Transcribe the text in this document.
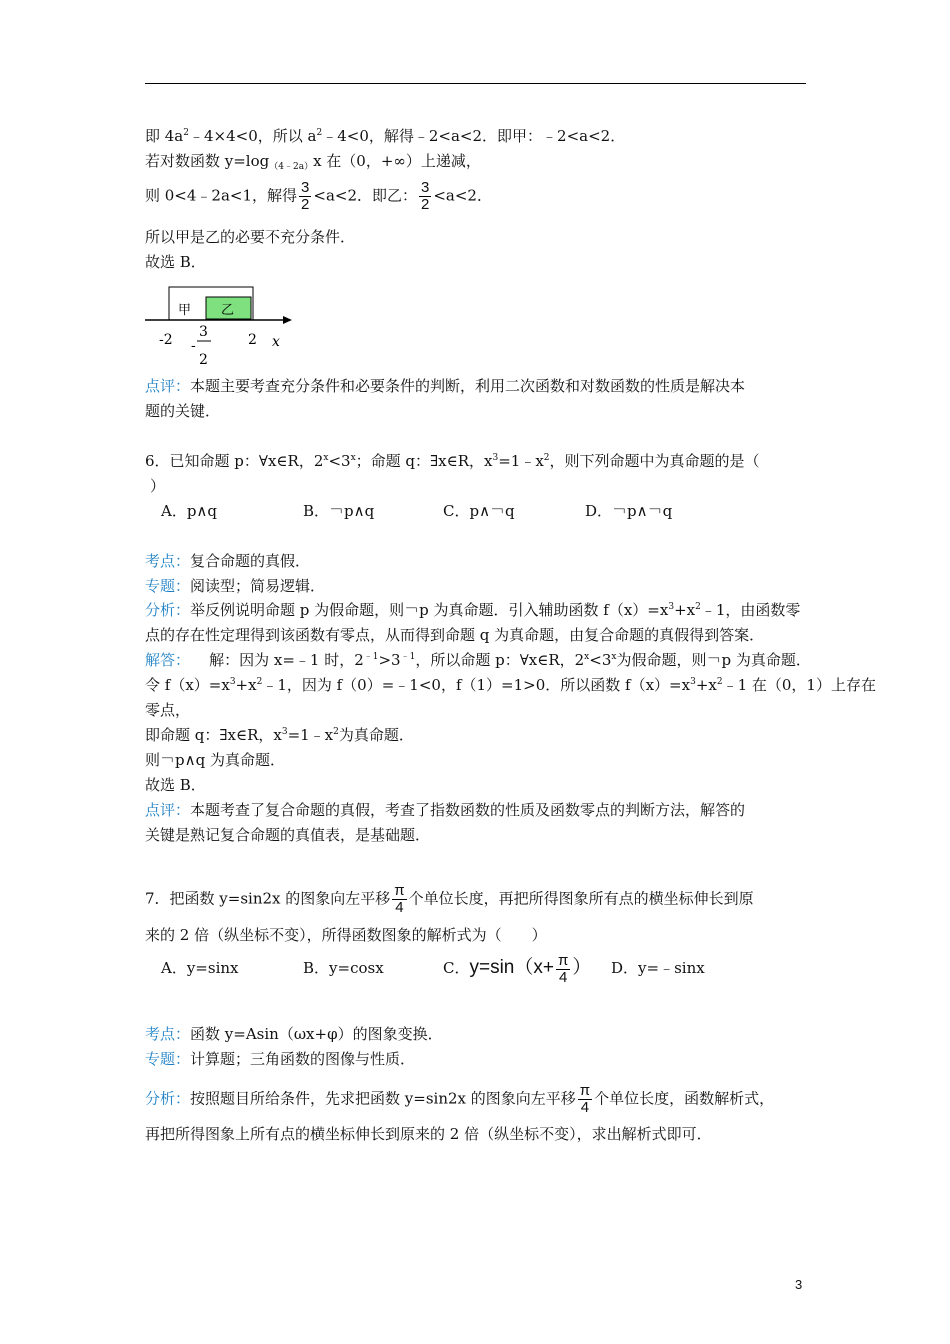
即 $4a^2﹣4\times 4<0$，所以 $a^2﹣4<0$，解得﹣2<a<2．即甲：﹣2<a<2．
若对数函数 $y=\log_{(4﹣2a)}x$ 在（0，+∞）上递减，
则 0<4﹣2a<1，解得 $\frac{3}{2} <a<2$．即乙： $\frac{3}{2} <a<2$．
所以甲是乙的必要不充分条件．
故选 B．
甲 乙
-2 -
3
2
2 x
点评：本题主要考查充分条件和必要条件的判断，利用二次函数和对数函数的性质是解决本
题的关键．
6．已知命题 p：∀x∈R，$2^x<3^x$；命题 q：∃x∈R，$x^3=1﹣x^2$，则下列命题中为真命题的是（
）
A．p∧q	B．￢p∧q	C．p∧￢q	D．￢p∧￢q
考点：复合命题的真假．
专题：阅读型；简易逻辑．
分析：举反例说明命题 p 为假命题，则￢p 为真命题．引入辅助函数 $f(x)=x^3+x^2﹣1$，由函数零
点的存在性定理得到该函数有零点，从而得到命题 q 为真命题，由复合命题的真假得到答案．
解答： 解：因为 x=﹣1 时，$2^{﹣1}>3^{﹣1}$，所以命题 p：∀x∈R，$2^x<3^x$为假命题，则￢p 为真命题．
令 $f(x)=x^3+x^2﹣1$，因为 f（0）=﹣1<0，f（1）=1>0．所以函数 $f(x)=x^3+x^2﹣1$ 在（0，1）上存在
零点，
即命题 q：∃x∈R，$x^3=1﹣x^2$为真命题．
则￢p∧q 为真命题．
故选 B．
点评：本题考查了复合命题的真假，考查了指数函数的性质及函数零点的判断方法，解答的
关键是熟记复合命题的真值表，是基础题．
7．把函数 y=sin2x 的图象向左平移 $\frac{\pi}{4}$ 个单位长度，再把所得图象所有点的横坐标伸长到原
来的 2 倍（纵坐标不变），所得函数图象的解析式为（　　）
A．y=sinx	B．y=cosx	C．$y=\sin(x+ \frac{\pi}{4}$ ） D．y=﹣sinx
考点：函数 y=Asin（ωx+φ）的图象变换．
专题：计算题；三角函数的图像与性质．
分析：按照题目所给条件，先求把函数 y=sin2x 的图象向左平移 $\frac{\pi}{4}$ 个单位长度，函数解析式，
再把所得图象上所有点的横坐标伸长到原来的 2 倍（纵坐标不变），求出解析式即可．
3
